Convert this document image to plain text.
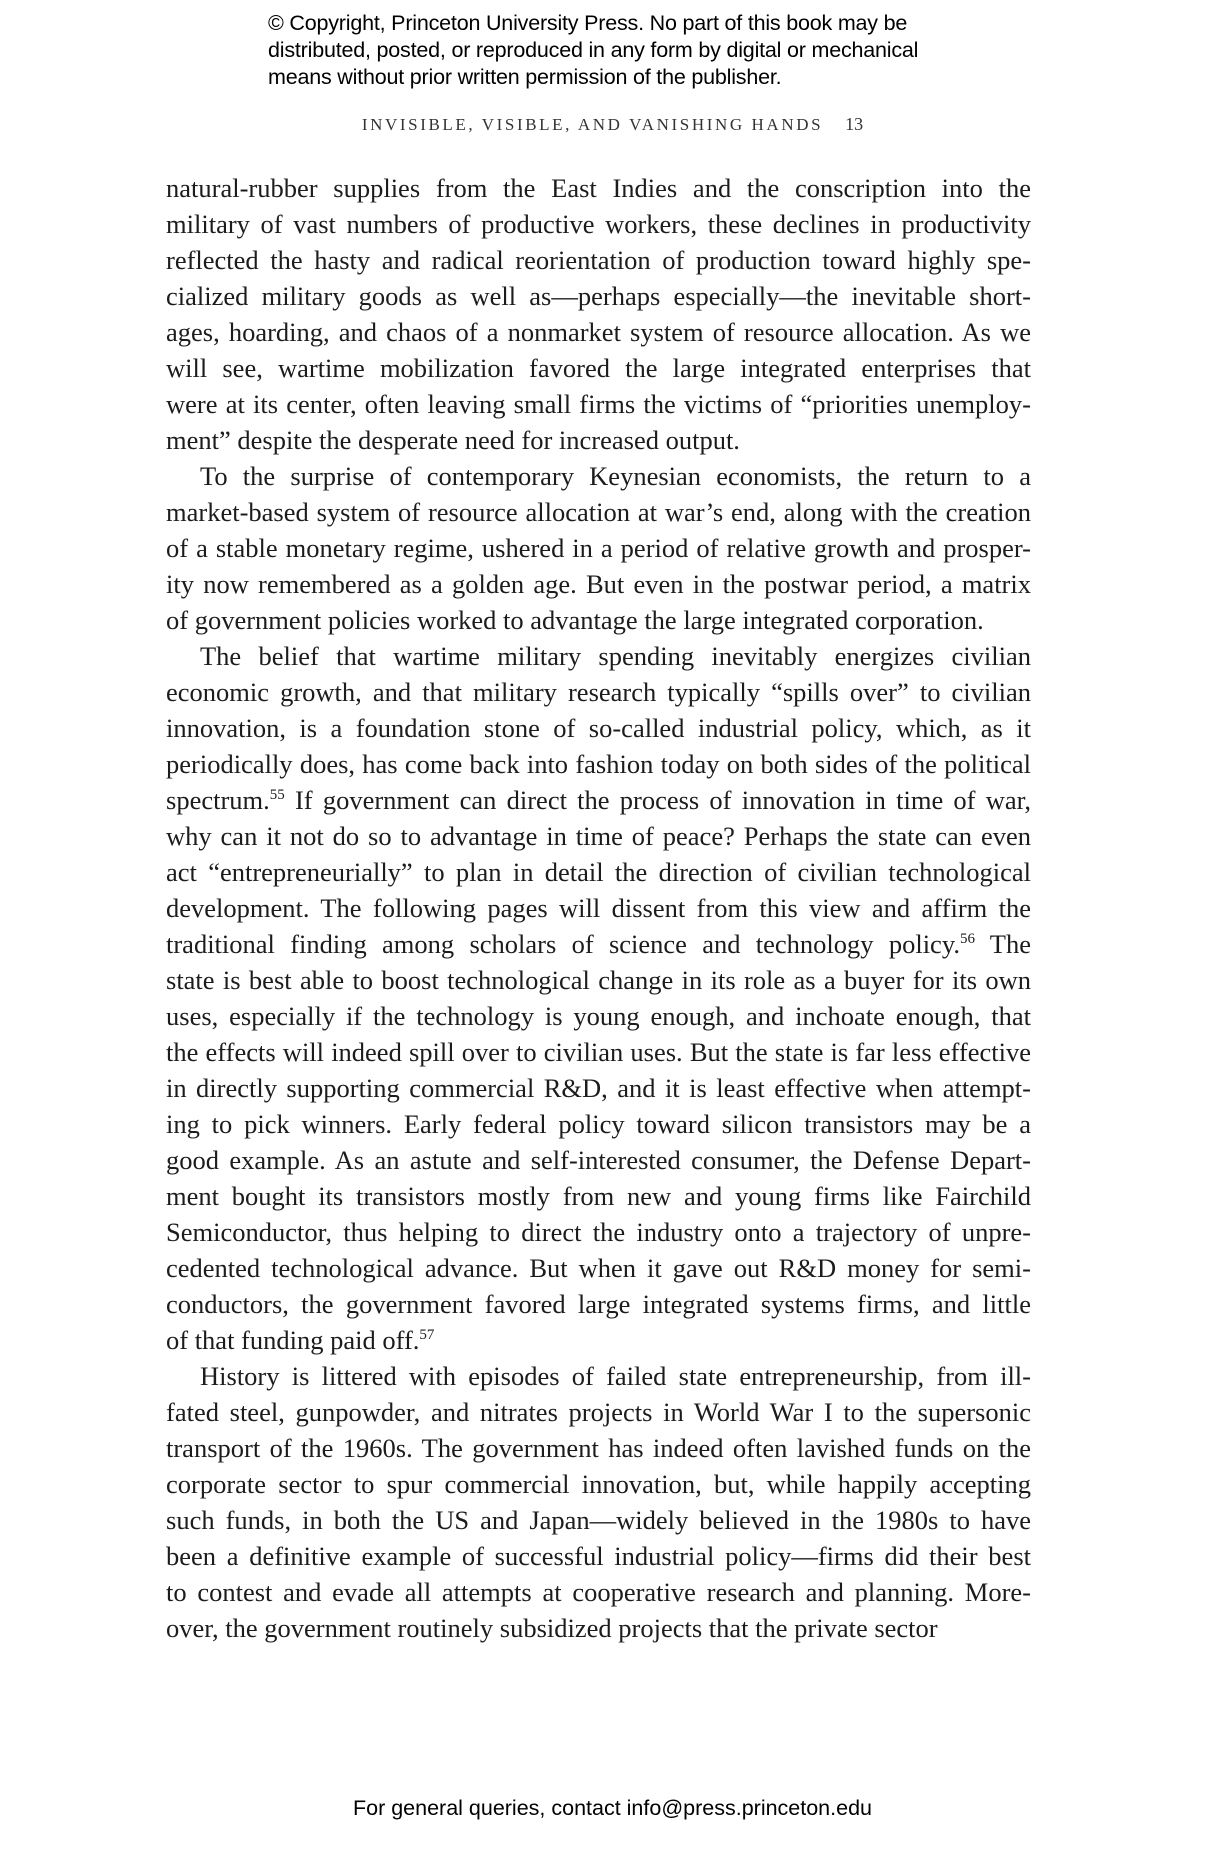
© Copyright, Princeton University Press. No part of this book may be
distributed, posted, or reproduced in any form by digital or mechanical
means without prior written permission of the publisher.
INVISIBLE, VISIBLE, AND VANISHING HANDS 13
natural-rubber supplies from the East Indies and the conscription into the
military of vast numbers of productive workers, these declines in productivity
reflected the hasty and radical reorientation of production toward highly spe-
cialized military goods as well as—perhaps especially—the inevitable short-
ages, hoarding, and chaos of a nonmarket system of resource allocation. As we
will see, wartime mobilization favored the large integrated enterprises that
were at its center, often leaving small firms the victims of “priorities unemploy-
ment” despite the desperate need for increased output.
To the surprise of contemporary Keynesian economists, the return to a
market-based system of resource allocation at war’s end, along with the creation
of a stable monetary regime, ushered in a period of relative growth and prosper-
ity now remembered as a golden age. But even in the postwar period, a matrix
of government policies worked to advantage the large integrated corporation.
The belief that wartime military spending inevitably energizes civilian
economic growth, and that military research typically “spills over” to civilian
innovation, is a foundation stone of so-called industrial policy, which, as it
periodically does, has come back into fashion today on both sides of the political
spectrum.$^{55}$ If government can direct the process of innovation in time of war,
why can it not do so to advantage in time of peace? Perhaps the state can even
act “entrepreneurially” to plan in detail the direction of civilian technological
development. The following pages will dissent from this view and affirm the
traditional finding among scholars of science and technology policy.$^{56}$ The
state is best able to boost technological change in its role as a buyer for its own
uses, especially if the technology is young enough, and inchoate enough, that
the effects will indeed spill over to civilian uses. But the state is far less effective
in directly supporting commercial R&D, and it is least effective when attempt-
ing to pick winners. Early federal policy toward silicon transistors may be a
good example. As an astute and self-interested consumer, the Defense Depart-
ment bought its transistors mostly from new and young firms like Fairchild
Semiconductor, thus helping to direct the industry onto a trajectory of unpre-
cedented technological advance. But when it gave out R&D money for semi-
conductors, the government favored large integrated systems firms, and little
of that funding paid off.$^{57}$
History is littered with episodes of failed state entrepreneurship, from ill-
fated steel, gunpowder, and nitrates projects in World War I to the supersonic
transport of the 1960s. The government has indeed often lavished funds on the
corporate sector to spur commercial innovation, but, while happily accepting
such funds, in both the US and Japan—widely believed in the 1980s to have
been a definitive example of successful industrial policy—firms did their best
to contest and evade all attempts at cooperative research and planning. More-
over, the government routinely subsidized projects that the private sector
For general queries, contact info@press.princeton.edu
